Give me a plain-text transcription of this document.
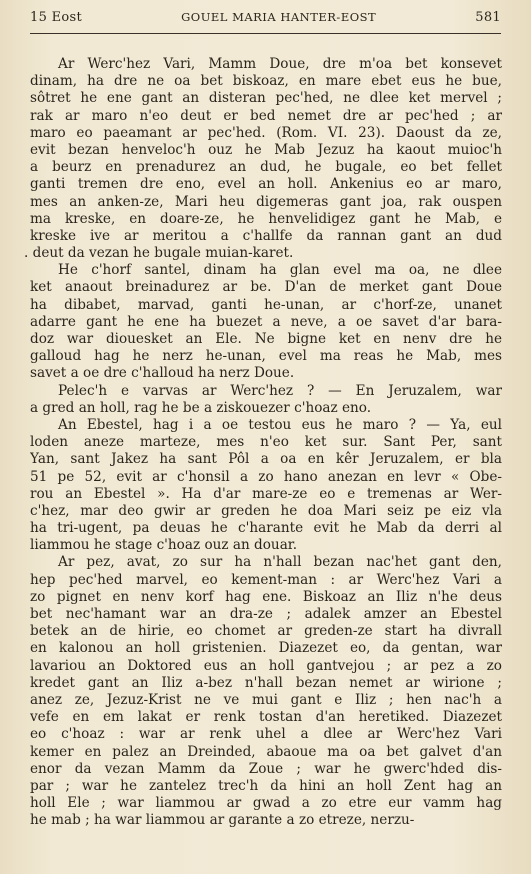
15 Eost	GOUEL MARIA HANTER-EOST	581
Ar Werc'hez Vari, Mamm Doue, dre m'oa bet konsevet
dinam, ha dre ne oa bet biskoaz, en mare ebet eus he bue,
sôtret he ene gant an disteran pec'hed, ne dlee ket mervel ;
rak ar maro n'eo deut er bed nemet dre ar pec'hed ; ar
maro eo paeamant ar pec'hed. (Rom. VI. 23). Daoust da ze,
evit bezan henveloc'h ouz he Mab Jezuz ha kaout muioc'h
a beurz en prenadurez an dud, he bugale, eo bet fellet
ganti tremen dre eno, evel an holl. Ankenius eo ar maro,
mes an anken-ze, Mari heu digemeras gant joa, rak ouspen
ma kreske, en doare-ze, he henvelidigez gant he Mab, e
kreske ive ar meritou a c'hallfe da rannan gant an dud
. deut da vezan he bugale muian-karet.
He c'horf santel, dinam ha glan evel ma oa, ne dlee
ket anaout breinadurez ar be. D'an de merket gant Doue
ha dibabet, marvad, ganti he-unan, ar c'horf-ze, unanet
adarre gant he ene ha buezet a neve, a oe savet d'ar bara-
doz war diouesket an Ele. Ne bigne ket en nenv dre he
galloud hag he nerz he-unan, evel ma reas he Mab, mes
savet a oe dre c'halloud ha nerz Doue.
Pelec'h e varvas ar Werc'hez ? — En Jeruzalem, war
a gred an holl, rag he be a ziskouezer c'hoaz eno.
An Ebestel, hag i a oe testou eus he maro ? — Ya, eul
loden aneze marteze, mes n'eo ket sur. Sant Per, sant
Yan, sant Jakez ha sant Pôl a oa en kêr Jeruzalem, er bla
51 pe 52, evit ar c'honsil a zo hano anezan en levr « Obe-
rou an Ebestel ». Ha d'ar mare-ze eo e tremenas ar Wer-
c'hez, mar deo gwir ar greden he doa Mari seiz pe eiz vla
ha tri-ugent, pa deuas he c'harante evit he Mab da derri al
liammou he stage c'hoaz ouz an douar.
Ar pez, avat, zo sur ha n'hall bezan nac'het gant den,
hep pec'hed marvel, eo kement-man : ar Werc'hez Vari a
zo pignet en nenv korf hag ene. Biskoaz an Iliz n'he deus
bet nec'hamant war an dra-ze ; adalek amzer an Ebestel
betek an de hirie, eo chomet ar greden-ze start ha divrall
en kalonou an holl gristenien. Diazezet eo, da gentan, war
lavariou an Doktored eus an holl gantvejou ; ar pez a zo
kredet gant an Iliz a-bez n'hall bezan nemet ar wirione ;
anez ze, Jezuz-Krist ne ve mui gant e Iliz ; hen nac'h a
vefe en em lakat er renk tostan d'an heretiked. Diazezet
eo c'hoaz : war ar renk uhel a dlee ar Werc'hez Vari
kemer en palez an Dreinded, abaoue ma oa bet galvet d'an
enor da vezan Mamm da Zoue ; war he gwerc'hded dis-
par ; war he zantelez trec'h da hini an holl Zent hag an
holl Ele ; war liammou ar gwad a zo etre eur vamm hag
he mab ; ha war liammou ar garante a zo etreze, nerzu-
